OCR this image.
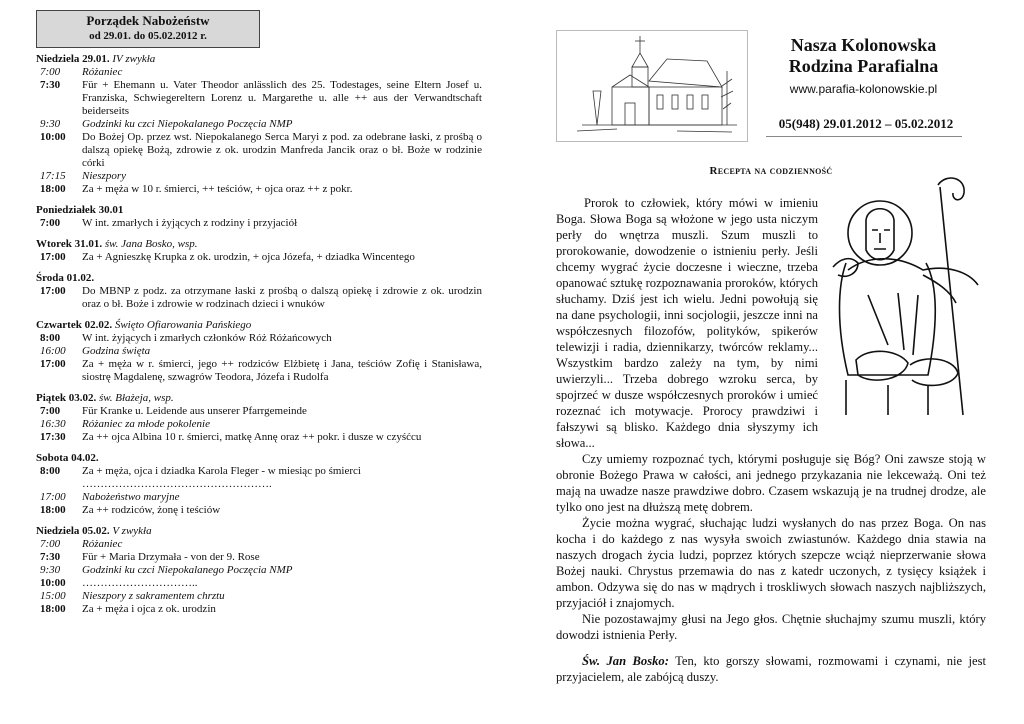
Porządek Nabożeństw
od 29.01. do 05.02.2012 r.
Niedziela 29.01. IV zwykła
7:00	Różaniec
7:30	Für + Ehemann u. Vater Theodor anlässlich des 25. Todestages, seine Eltern Josef u. Franziska, Schwiegereltern Lorenz u. Margarethe u. alle ++ aus der Verwandtschaft beiderseits
9:30	Godzinki ku czci Niepokalanego Poczęcia NMP
10:00	Do Bożej Op. przez wst. Niepokalanego Serca Maryi z pod. za odebrane łaski, z prośbą o dalszą opiekę Bożą, zdrowie z ok. urodzin Manfreda Jancik oraz o bł. Boże w rodzinie córki
17:15	Nieszpory
18:00	Za + męża w 10 r. śmierci, ++ teściów, + ojca oraz ++ z pokr.
Poniedziałek 30.01
7:00	W int. zmarłych i żyjących z rodziny i przyjaciół
Wtorek 31.01. św. Jana Bosko, wsp.
17:00	Za + Agnieszkę Krupka z ok. urodzin, + ojca Józefa, + dziadka Wincentego
Środa 01.02.
17:00	Do MBNP z podz. za otrzymane łaski z prośbą o dalszą opiekę i zdrowie z ok. urodzin oraz o bł. Boże i zdrowie w rodzinach dzieci i wnuków
Czwartek 02.02. Święto Ofiarowania Pańskiego
8:00	W int. żyjących i zmarłych członków Róż Różańcowych
16:00	Godzina święta
17:00	Za + męża w r. śmierci, jego ++ rodziców Elżbietę i Jana, teściów Zofię i Stanisława, siostrę Magdalenę, szwagrów Teodora, Józefa i Rudolfa
Piątek 03.02. św. Błażeja, wsp.
7:00	Für Kranke u. Leidende aus unserer Pfarrgemeinde
16:30	Różaniec za młode pokolenie
17:30	Za ++ ojca Albina 10 r. śmierci, matkę Annę oraz ++ pokr. i dusze w czyśćcu
Sobota 04.02.
8:00	Za + męża, ojca i dziadka Karola Fleger - w miesiąc po śmierci
…………………………………………….
17:00	Nabożeństwo maryjne
18:00	Za ++ rodziców, żonę i teściów
Niedziela 05.02. V zwykła
7:00	Różaniec
7:30	Für + Maria Drzymała - von der 9. Rose
9:30	Godzinki ku czci Niepokalanego Poczęcia NMP
10:00	…………………………..
15:00	Nieszpory z sakramentem chrztu
18:00	Za + męża i ojca z ok. urodzin
Nasza Kolonowska
Rodzina Parafialna
www.parafia-kolonowskie.pl
05(948) 29.01.2012 – 05.02.2012
Recepta na codzienność

Prorok to człowiek, który mówi w imieniu Boga. Słowa Boga są włożone w jego usta niczym perły do wnętrza muszli. Szum muszli to prorokowanie, dowodzenie o istnieniu perły. Jeśli chcemy wygrać życie doczesne i wieczne, trzeba opanować sztukę rozpoznawania proroków, których słuchamy. Dziś jest ich wielu. Jedni powołują się na dane psychologii, inni socjologii, jeszcze inni na współczesnych filozofów, polityków, spikerów telewizji i radia, dziennikarzy, twórców reklamy... Wszystkim bardzo zależy na tym, by nimi uwierzyli... Trzeba dobrego wzroku serca, by spojrzeć w dusze współczesnych proroków i umieć rozeznać ich motywacje. Prorocy prawdziwi i fałszywi są blisko. Każdego dnia słyszymy ich słowa...

Czy umiemy rozpoznać tych, którymi posługuje się Bóg? Oni zawsze stoją w obronie Bożego Prawa w całości, ani jednego przykazania nie lekceważą. Oni też mają na uwadze nasze prawdziwe dobro. Czasem wskazują je na trudnej drodze, ale tylko ono jest na dłuższą metę dobrem.

Życie można wygrać, słuchając ludzi wysłanych do nas przez Boga. On nas kocha i do każdego z nas wysyła swoich zwiastunów. Każdego dnia stawia na naszych drogach życia ludzi, poprzez których szepcze wciąż nieprzerwanie słowa Bożej nauki. Chrystus przemawia do nas z katedr uczonych, z tysięcy książek i ambon. Odzywa się do nas w mądrych i troskliwych słowach naszych najbliższych, przyjaciół i znajomych.

Nie pozostawajmy głusi na Jego głos. Chętnie słuchajmy szumu muszli, który dowodzi istnienia Perły.

Św. Jan Bosko: Ten, kto gorszy słowami, rozmowami i czynami, nie jest przyjacielem, ale zabójcą duszy.
